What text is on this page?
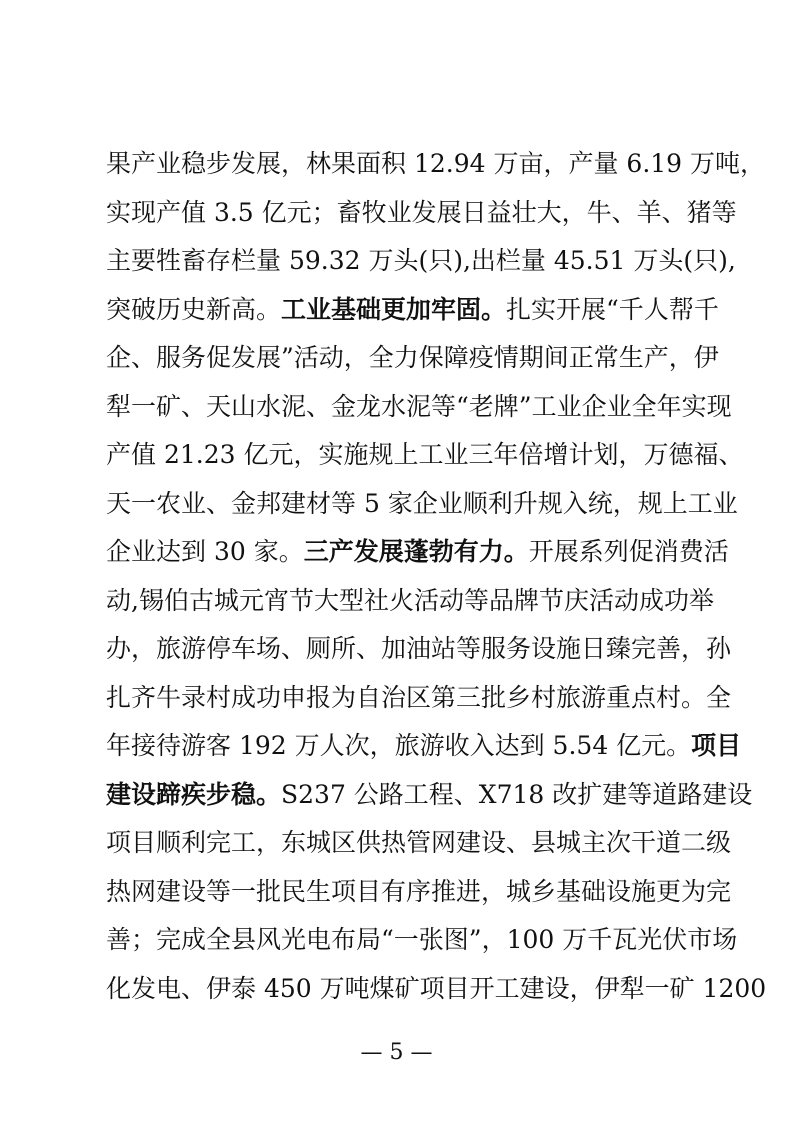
果产业稳步发展，林果面积 12.94 万亩，产量 6.19 万吨，
实现产值 3.5 亿元；畜牧业发展日益壮大，牛、羊、猪等
主要牲畜存栏量 59.32 万头(只),出栏量 45.51 万头(只),
突破历史新高。工业基础更加牢固。扎实开展“千人帮千
企、服务促发展”活动，全力保障疫情期间正常生产，伊
犁一矿、天山水泥、金龙水泥等“老牌”工业企业全年实现
产值 21.23 亿元，实施规上工业三年倍增计划，万德福、
天一农业、金邦建材等 5 家企业顺利升规入统，规上工业
企业达到 30 家。三产发展蓬勃有力。开展系列促消费活
动,锡伯古城元宵节大型社火活动等品牌节庆活动成功举
办，旅游停车场、厕所、加油站等服务设施日臻完善，孙
扎齐牛录村成功申报为自治区第三批乡村旅游重点村。全
年接待游客 192 万人次，旅游收入达到 5.54 亿元。项目
建设蹄疾步稳。S237 公路工程、X718 改扩建等道路建设
项目顺利完工，东城区供热管网建设、县城主次干道二级
热网建设等一批民生项目有序推进，城乡基础设施更为完
善；完成全县风光电布局“一张图”，100 万千瓦光伏市场
化发电、伊泰 450 万吨煤矿项目开工建设，伊犁一矿 1200
— 5 —
